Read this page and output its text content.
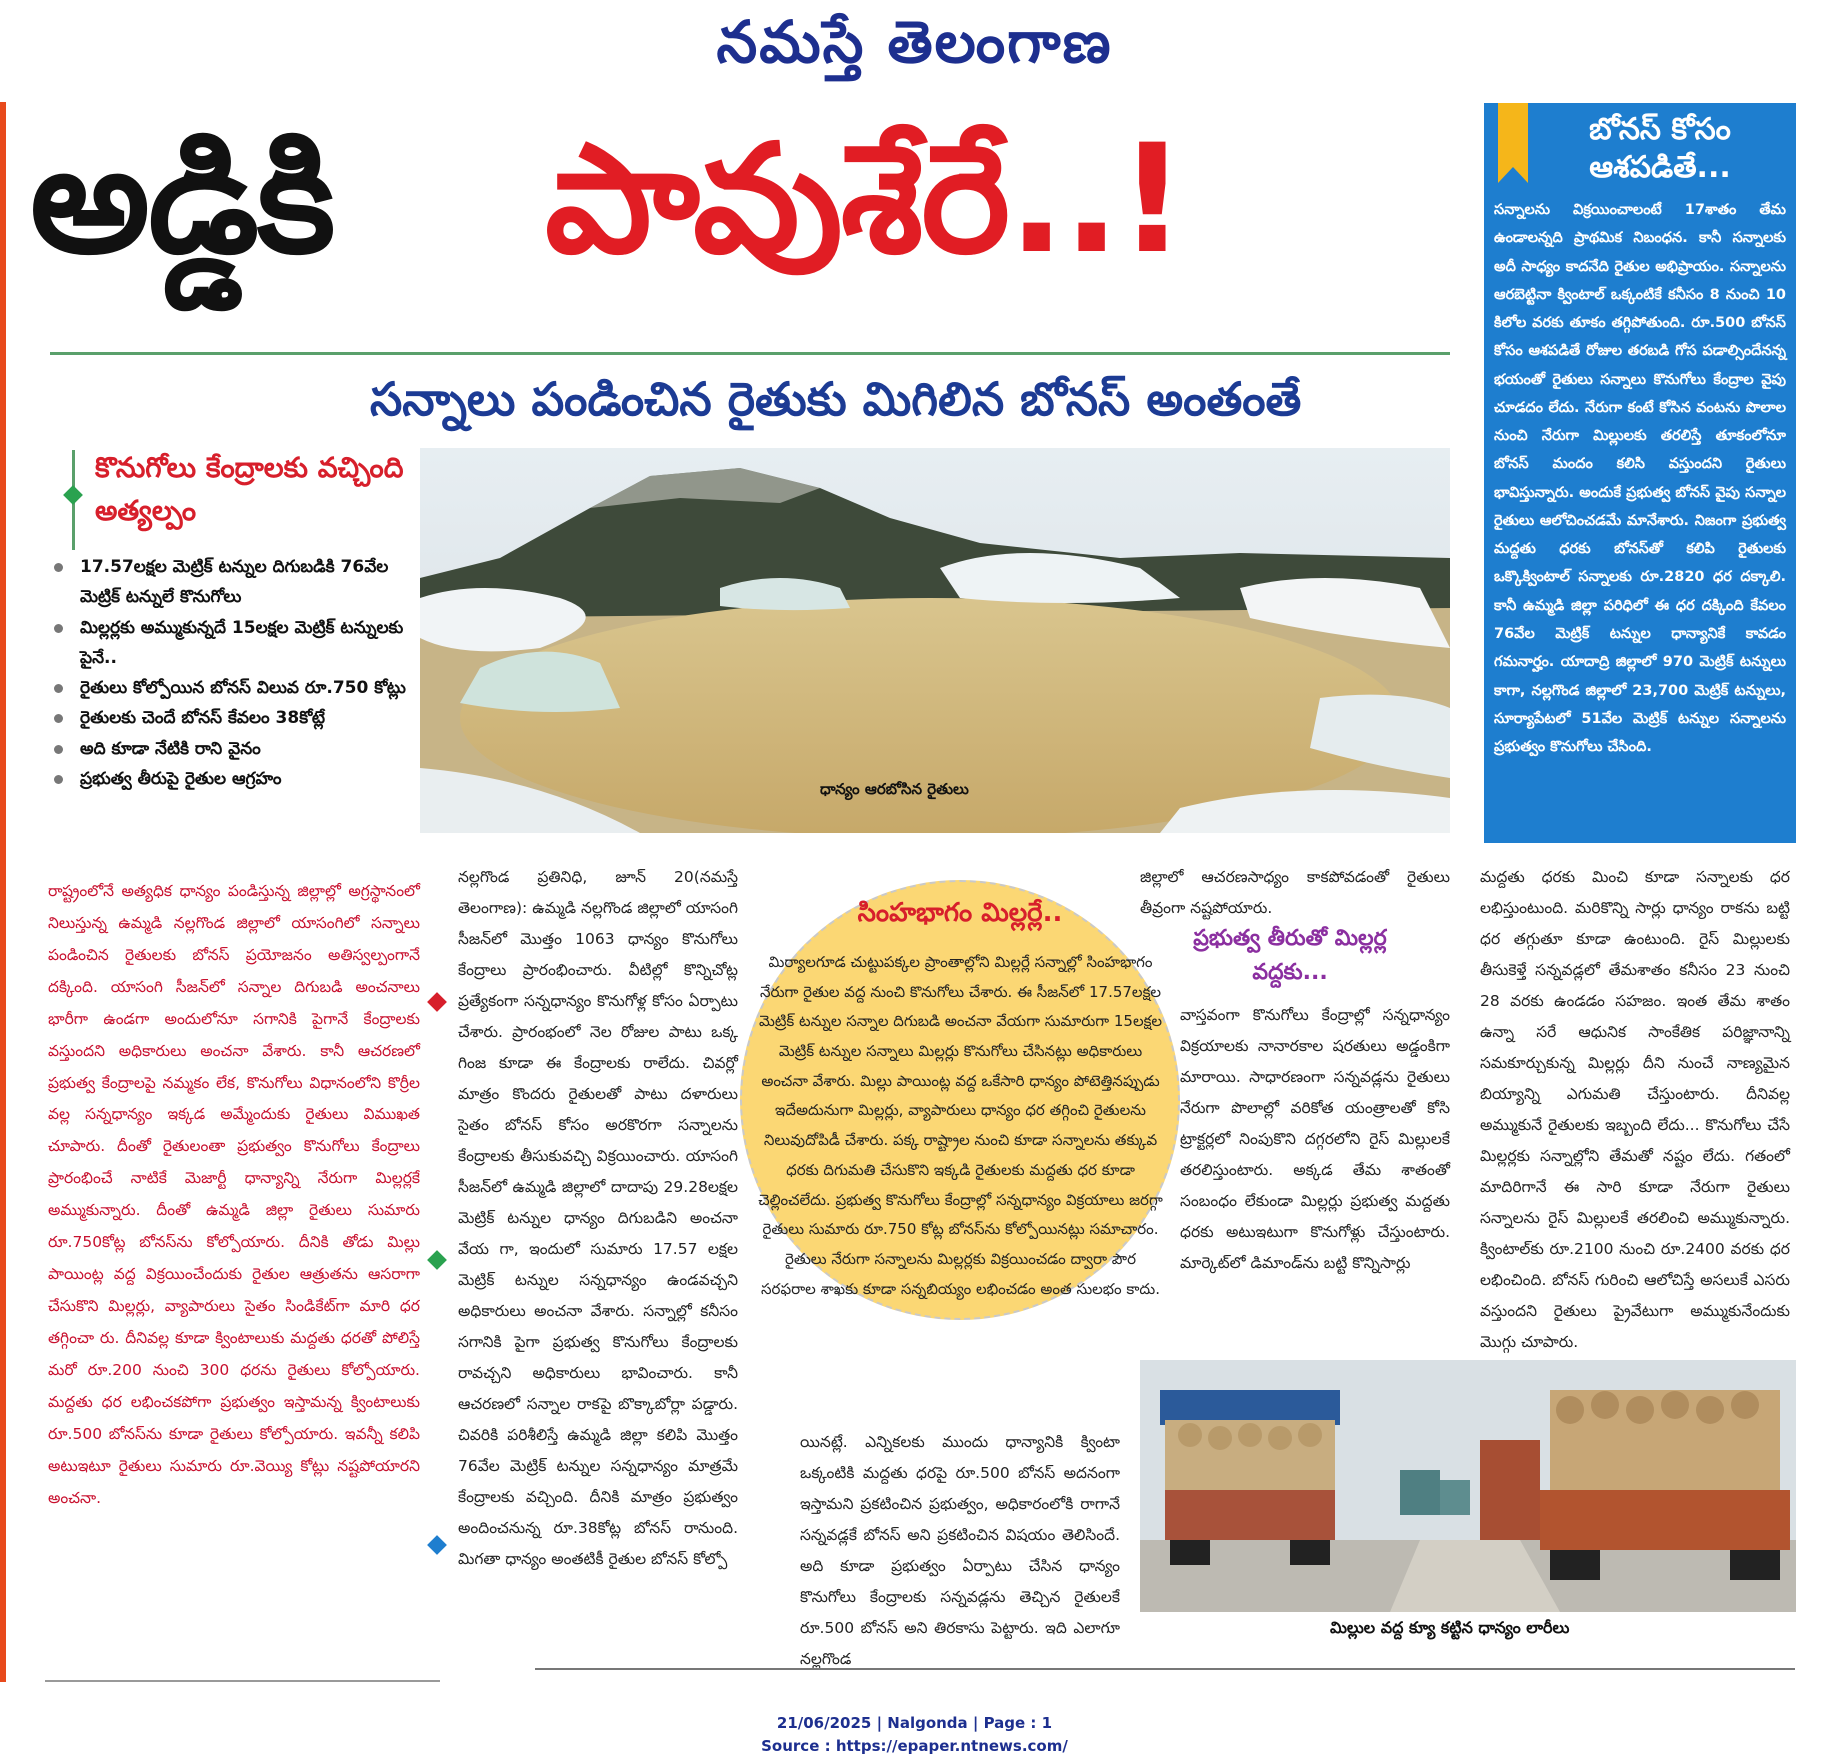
నమస్తే తెలంగాణ
అడ్డికి పావుశేరే..!
సన్నాలు పండించిన రైతుకు మిగిలిన బోనస్ అంతంతే
బోనస్ కోసం ఆశపడితే...
సన్నాలను విక్రయించాలంటే 17శాతం తేమ ఉండాలన్నది ప్రాథమిక నిబంధన. కానీ సన్నాలకు అదీ సాధ్యం కాదనేది రైతుల అభిప్రాయం. సన్నాలను ఆరబెట్టినా క్వింటాల్ ఒక్కంటికే కనీసం 8 నుంచి 10 కిలోల వరకు తూకం తగ్గిపోతుంది. రూ.500 బోనస్ కోసం ఆశపడితే రోజుల తరబడి గోస పడాల్సిందేనన్న భయంతో రైతులు సన్నాలు కొనుగోలు కేంద్రాల వైపు చూడదం లేదు. నేరుగా కంటే కోసిన వంటను పొలాల నుంచి నేరుగా మిల్లులకు తరలిస్తే తూకంలోనూ బోనస్ మందం కలిసి వస్తుందని రైతులు భావిస్తున్నారు. అందుకే ప్రభుత్వ బోనస్ వైపు సన్నాల రైతులు ఆలోచించడమే మానేశారు. నిజంగా ప్రభుత్వ మద్దతు ధరకు బోనస్‌తో కలిపి రైతులకు ఒక్కొక్వింటాల్ సన్నాలకు రూ.2820 ధర దక్కాలి. కానీ ఉమ్మడి జిల్లా పరిధిలో ఈ ధర దక్కింది కేవలం 76వేల మెట్రిక్ టన్నుల ధాన్యానికే కావడం గమనార్హం. యాదాద్రి జిల్లాలో 970 మెట్రిక్ టన్నులు కాగా, నల్లగొండ జిల్లాలో 23,700 మెట్రిక్ టన్నులు, సూర్యాపేటలో 51వేల మెట్రిక్ టన్నుల సన్నాలను ప్రభుత్వం కొనుగోలు చేసింది.
ధాన్యం ఆరబోసిన రైతులు
కొనుగోలు కేంద్రాలకు వచ్చింది అత్యల్పం
17.57లక్షల మెట్రిక్ టన్నుల దిగుబడికి 76వేల మెట్రిక్ టన్నులే కొనుగోలు
మిల్లర్లకు అమ్ముకున్నదే 15లక్షల మెట్రిక్ టన్నులకు పైనే..
రైతులు కోల్పోయిన బోనస్ విలువ రూ.750 కోట్లు
రైతులకు చెందే బోనస్ కేవలం 38కోట్లే
అది కూడా నేటికి రాని వైనం
ప్రభుత్వ తీరుపై రైతుల ఆగ్రహం
రాష్ట్రంలోనే అత్యధిక ధాన్యం పండిస్తున్న జిల్లాల్లో అగ్రస్థానంలో నిలుస్తున్న ఉమ్మడి నల్లగొండ జిల్లాలో యాసంగిలో సన్నాలు పండించిన రైతులకు బోనస్ ప్రయోజనం అతిస్వల్పంగానే దక్కింది. యాసంగి సీజన్‌లో సన్నాల దిగుబడి అంచనాలు భారీగా ఉండగా అందులోనూ సగానికి పైగానే కేంద్రాలకు వస్తుందని అధికారులు అంచనా వేశారు. కానీ ఆచరణలో ప్రభుత్వ కేంద్రాలపై నమ్మకం లేక, కొనుగోలు విధానంలోని కొర్రీల వల్ల సన్నధాన్యం ఇక్కడ అమ్మేందుకు రైతులు విముఖత చూపారు. దీంతో రైతులంతా ప్రభుత్వం కొనుగోలు కేంద్రాలు ప్రారంభించే నాటికే మెజార్టీ ధాన్యాన్ని నేరుగా మిల్లర్లకే అమ్ముకున్నారు. దీంతో ఉమ్మడి జిల్లా రైతులు సుమారు రూ.750కోట్ల బోనస్‌ను కోల్పోయారు. దీనికి తోడు మిల్లు పాయింట్ల వద్ద విక్రయించేందుకు రైతుల ఆత్రుతను ఆసరాగా చేసుకొని మిల్లర్లు, వ్యాపారులు సైతం సిండికేట్‌గా మారి ధర తగ్గించా రు. దీనివల్ల కూడా క్వింటాలుకు మద్దతు ధరతో పోలిస్తే మరో రూ.200 నుంచి 300 ధరను రైతులు కోల్పోయారు. మద్దతు ధర లభించకపోగా ప్రభుత్వం ఇస్తామన్న క్వింటాలుకు రూ.500 బోనస్‌ను కూడా రైతులు కోల్పోయారు. ఇవన్నీ కలిపి అటుఇటూ రైతులు సుమారు రూ.వెయ్యి కోట్లు నష్టపోయారని అంచనా.
నల్లగొండ ప్రతినిధి, జూన్ 20(నమస్తే తెలంగాణ): ఉమ్మడి నల్లగొండ జిల్లాలో యాసంగి సీజన్‌లో మొత్తం 1063 ధాన్యం కొనుగోలు కేంద్రాలు ప్రారంభించారు. వీటిల్లో కొన్నిచోట్ల ప్రత్యేకంగా సన్నధాన్యం కొనుగోళ్ల కోసం ఏర్పాటు చేశారు. ప్రారంభంలో నెల రోజుల పాటు ఒక్క గింజ కూడా ఈ కేంద్రాలకు రాలేదు. చివర్లో మాత్రం కొందరు రైతులతో పాటు దళారులు సైతం బోనస్ కోసం అరకొరగా సన్నాలను కేంద్రాలకు తీసుకువచ్చి విక్రయించారు. యాసంగి సీజన్‌లో ఉమ్మడి జిల్లాలో దాదాపు 29.28లక్షల మెట్రిక్ టన్నుల ధాన్యం దిగుబడిని అంచనా వేయ గా, ఇందులో సుమారు 17.57 లక్షల మెట్రిక్ టన్నుల సన్నధాన్యం ఉండవచ్చని అధికారులు అంచనా వేశారు. సన్నాల్లో కనీసం సగానికి పైగా ప్రభుత్వ కొనుగోలు కేంద్రాలకు రావచ్చని అధికారులు భావించారు. కానీ ఆచరణలో సన్నాల రాకపై బొక్కాబోర్లా పడ్డారు. చివరికి పరిశీలిస్తే ఉమ్మడి జిల్లా కలిపి మొత్తం 76వేల మెట్రిక్ టన్నుల సన్నధాన్యం మాత్రమే కేంద్రాలకు వచ్చింది. దీనికి మాత్రం ప్రభుత్వం అందించనున్న రూ.38కోట్ల బోనస్ రానుంది. మిగతా ధాన్యం అంతటికీ రైతుల బోనస్ కోల్పో
సింహభాగం మిల్లర్లే..
మిర్యాలగూడ చుట్టుపక్కల ప్రాంతాల్లోని మిల్లర్లే సన్నాల్లో సింహభాగం నేరుగా రైతుల వద్ద నుంచి కొనుగోలు చేశారు. ఈ సీజన్‌లో 17.57లక్షల మెట్రిక్ టన్నుల సన్నాల దిగుబడి అంచనా వేయగా సుమారుగా 15లక్షల మెట్రిక్ టన్నుల సన్నాలు మిల్లర్లు కొనుగోలు చేసినట్లు అధికారులు అంచనా వేశారు. మిల్లు పాయింట్ల వద్ద ఒకేసారి ధాన్యం పోటెత్తినప్పుడు ఇదేఅదునుగా మిల్లర్లు, వ్యాపారులు ధాన్యం ధర తగ్గించి రైతులను నిలువుదోపిడీ చేశారు. పక్క రాష్ట్రాల నుంచి కూడా సన్నాలను తక్కువ ధరకు దిగుమతి చేసుకొని ఇక్కడి రైతులకు మద్దతు ధర కూడా చెల్లించలేదు. ప్రభుత్వ కొనుగోలు కేంద్రాల్లో సన్నధాన్యం విక్రయాలు జరగ్గా రైతులు సుమారు రూ.750 కోట్ల బోనస్‌ను కోల్పోయినట్లు సమాచారం. రైతులు నేరుగా సన్నాలను మిల్లర్లకు విక్రయించడం ద్వారా పౌర సరఫరాల శాఖకు కూడా సన్నబియ్యం లభించడం అంత సులభం కాదు.
యినట్లే. ఎన్నికలకు ముందు ధాన్యానికి క్వింటా ఒక్కంటికి మద్దతు ధరపై రూ.500 బోనస్ అదనంగా ఇస్తామని ప్రకటించిన ప్రభుత్వం, అధికారంలోకి రాగానే సన్నవడ్లకే బోనస్ అని ప్రకటించిన విషయం తెలిసిందే. అది కూడా ప్రభుత్వం ఏర్పాటు చేసిన ధాన్యం కొనుగోలు కేంద్రాలకు సన్నవడ్లను తెచ్చిన రైతులకే రూ.500 బోనస్ అని తిరకాసు పెట్టారు. ఇది ఎలాగూ నల్లగొండ
జిల్లాలో ఆచరణసాధ్యం కాకపోవడంతో రైతులు తీవ్రంగా నష్టపోయారు.
ప్రభుత్వ తీరుతో మిల్లర్ల వద్దకు...
వాస్తవంగా కొనుగోలు కేంద్రాల్లో సన్నధాన్యం విక్రయాలకు నానారకాల షరతులు అడ్డంకిగా మారాయి. సాధారణంగా సన్నవడ్లను రైతులు నేరుగా పొలాల్లో వరికోత యంత్రాలతో కోసి ట్రాక్టర్లలో నింపుకొని దగ్గరలోని రైస్ మిల్లులకే తరలిస్తుంటారు. అక్కడ తేమ శాతంతో సంబంధం లేకుండా మిల్లర్లు ప్రభుత్వ మద్దతు ధరకు అటుఇటుగా కొనుగోళ్లు చేస్తుంటారు. మార్కెట్‌లో డిమాండ్‌ను బట్టి కొన్నిసార్లు
మద్దతు ధరకు మించి కూడా సన్నాలకు ధర లభిస్తుంటుంది. మరికొన్ని సార్లు ధాన్యం రాకను బట్టి ధర తగ్గుతూ కూడా ఉంటుంది. రైస్ మిల్లులకు తీసుకెళ్తే సన్నవడ్లలో తేమశాతం కనీసం 23 నుంచి 28 వరకు ఉండడం సహజం. ఇంత తేమ శాతం ఉన్నా సరే ఆధునిక సాంకేతిక పరిజ్ఞానాన్ని సమకూర్చుకున్న మిల్లర్లు దీని నుంచే నాణ్యమైన బియ్యాన్ని ఎగుమతి చేస్తుంటారు. దీనివల్ల అమ్ముకునే రైతులకు ఇబ్బంది లేదు... కొనుగోలు చేసే మిల్లర్లకు సన్నాల్లోని తేమతో నష్టం లేదు. గతంలో మాదిరిగానే ఈ సారి కూడా నేరుగా రైతులు సన్నాలను రైస్ మిల్లులకే తరలించి అమ్ముకున్నారు. క్వింటాల్‌కు రూ.2100 నుంచి రూ.2400 వరకు ధర లభించింది. బోనస్ గురించి ఆలోచిస్తే అసలుకే ఎసరు వస్తుందని రైతులు ప్రైవేటుగా అమ్ముకునేందుకు మొగ్గు చూపారు.
మిల్లుల వద్ద క్యూ కట్టిన ధాన్యం లారీలు
21/06/2025 | Nalgonda | Page : 1
Source : https://epaper.ntnews.com/
